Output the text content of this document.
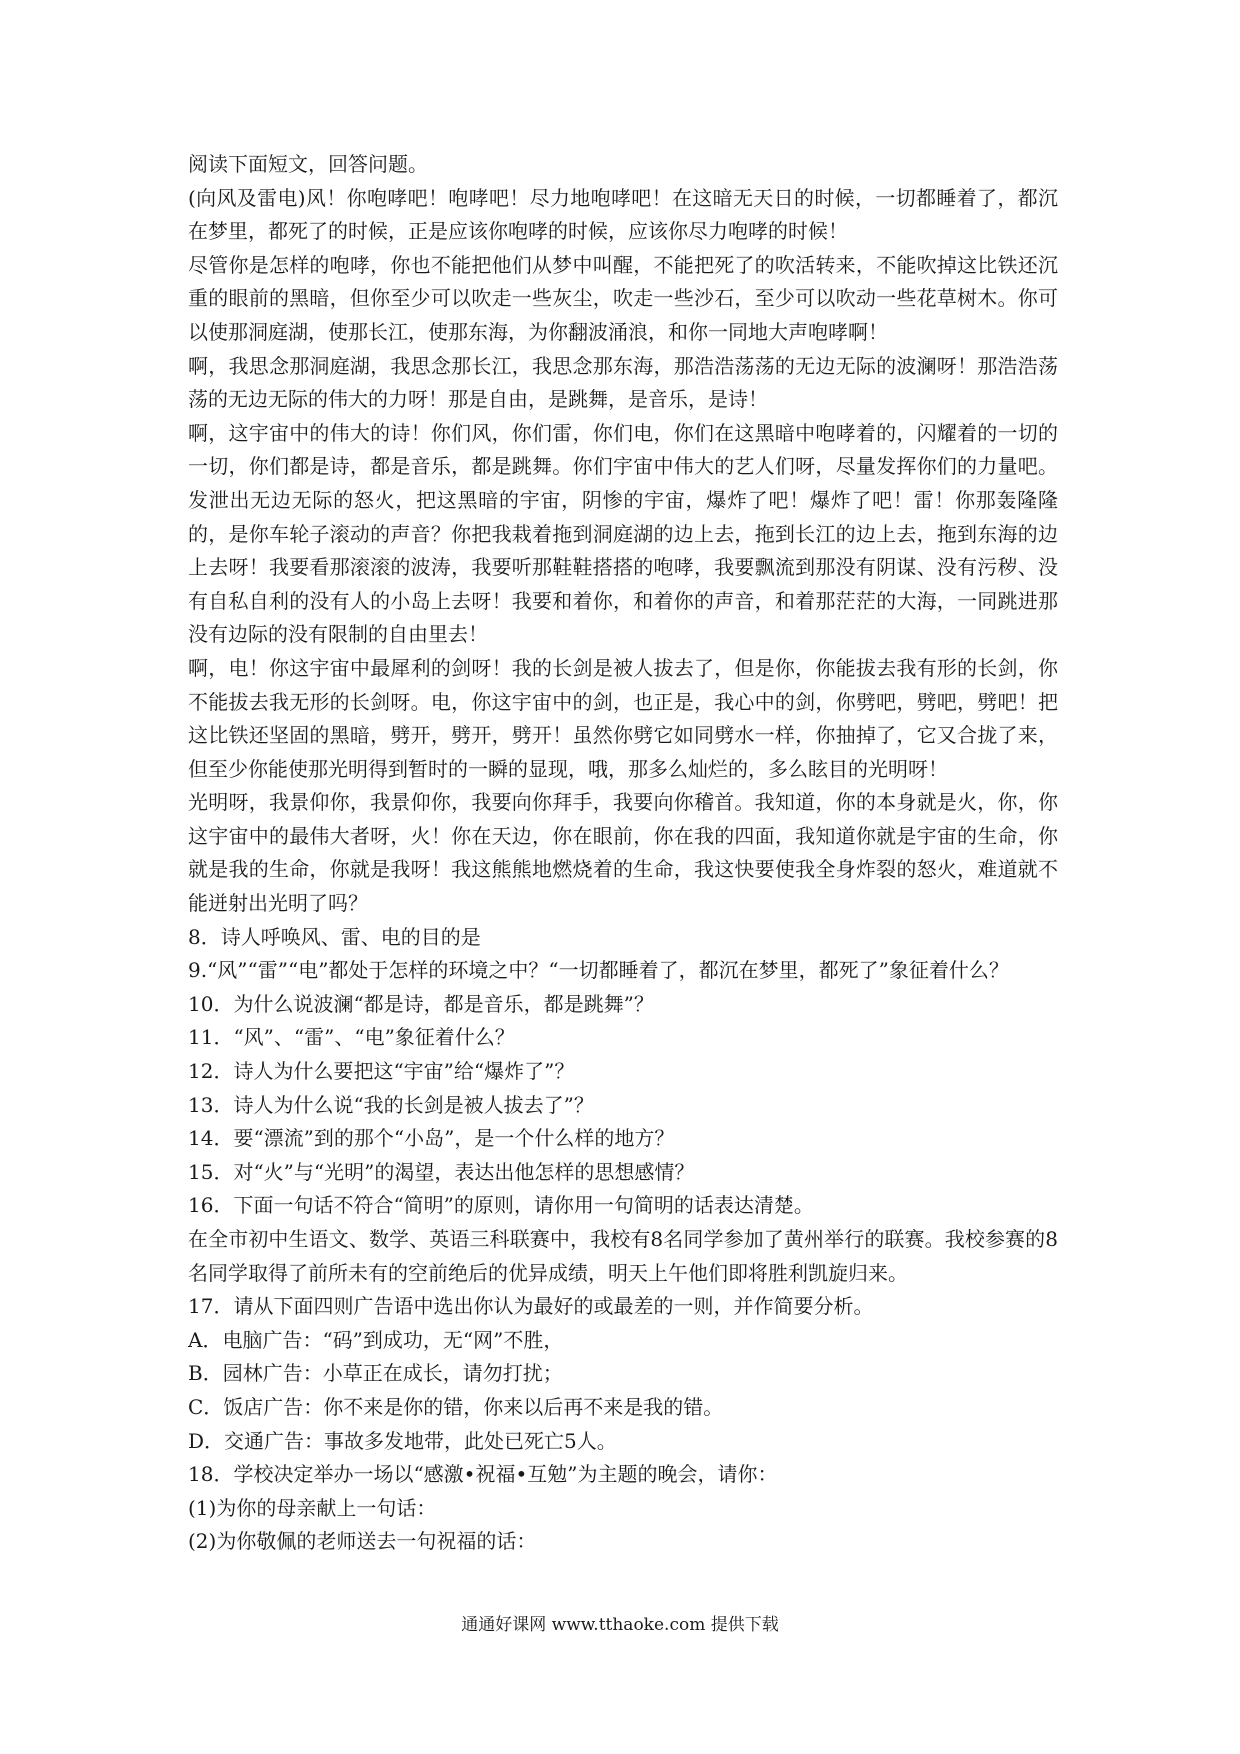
阅读下面短文，回答问题。

(向风及雷电)风！你咆哮吧！咆哮吧！尽力地咆哮吧！在这暗无天日的时候，一切都睡着了，都沉在梦里，都死了的时候，正是应该你咆哮的时候，应该你尽力咆哮的时候！

尽管你是怎样的咆哮，你也不能把他们从梦中叫醒，不能把死了的吹活转来，不能吹掉这比铁还沉重的眼前的黑暗，但你至少可以吹走一些灰尘，吹走一些沙石，至少可以吹动一些花草树木。你可以使那洞庭湖，使那长江，使那东海，为你翻波涌浪，和你一同地大声咆哮啊！

啊，我思念那洞庭湖，我思念那长江，我思念那东海，那浩浩荡荡的无边无际的波澜呀！那浩浩荡荡的无边无际的伟大的力呀！那是自由，是跳舞，是音乐，是诗！

啊，这宇宙中的伟大的诗！你们风，你们雷，你们电，你们在这黑暗中咆哮着的，闪耀着的一切的一切，你们都是诗，都是音乐，都是跳舞。你们宇宙中伟大的艺人们呀，尽量发挥你们的力量吧。发泄出无边无际的怒火，把这黑暗的宇宙，阴惨的宇宙，爆炸了吧！爆炸了吧！雷！你那轰隆隆的，是你车轮子滚动的声音？你把我栽着拖到洞庭湖的边上去，拖到长江的边上去，拖到东海的边上去呀！我要看那滚滚的波涛，我要听那鞋鞋搭搭的咆哮，我要飘流到那没有阴谋、没有污秽、没有自私自利的没有人的小岛上去呀！我要和着你，和着你的声音，和着那茫茫的大海，一同跳进那没有边际的没有限制的自由里去！

啊，电！你这宇宙中最犀利的剑呀！我的长剑是被人拔去了，但是你，你能拔去我有形的长剑，你不能拔去我无形的长剑呀。电，你这宇宙中的剑，也正是，我心中的剑，你劈吧，劈吧，劈吧！把这比铁还坚固的黑暗，劈开，劈开，劈开！虽然你劈它如同劈水一样，你抽掉了，它又合拢了来，但至少你能使那光明得到暂时的一瞬的显现，哦，那多么灿烂的，多么眩目的光明呀！

光明呀，我景仰你，我景仰你，我要向你拜手，我要向你稽首。我知道，你的本身就是火，你，你这宇宙中的最伟大者呀，火！你在天边，你在眼前，你在我的四面，我知道你就是宇宙的生命，你就是我的生命，你就是我呀！我这熊熊地燃烧着的生命，我这快要使我全身炸裂的怒火，难道就不能迸射出光明了吗？

8．诗人呼唤风、雷、电的目的是

9.“风”“雷”“电”都处于怎样的环境之中？“一切都睡着了，都沉在梦里，都死了”象征着什么？

10．为什么说波澜“都是诗，都是音乐，都是跳舞”？

11．“风”、“雷”、“电”象征着什么？

12．诗人为什么要把这“宇宙”给“爆炸了”？

13．诗人为什么说“我的长剑是被人拔去了”？

14．要“漂流”到的那个“小岛”，是一个什么样的地方？

15．对“火”与“光明”的渴望，表达出他怎样的思想感情？

16．下面一句话不符合“简明”的原则，请你用一句简明的话表达清楚。

在全市初中生语文、数学、英语三科联赛中，我校有8名同学参加了黄州举行的联赛。我校参赛的8名同学取得了前所未有的空前绝后的优异成绩，明天上午他们即将胜利凯旋归来。

17．请从下面四则广告语中选出你认为最好的或最差的一则，并作简要分析。

A．电脑广告：“码”到成功，无“网”不胜，

B．园林广告：小草正在成长，请勿打扰；

C．饭店广告：你不来是你的错，你来以后再不来是我的错。

D．交通广告：事故多发地带，此处已死亡5人。

18．学校决定举办一场以“感激•祝福•互勉”为主题的晚会，请你：

(1)为你的母亲献上一句话：

(2)为你敬佩的老师送去一句祝福的话：

通通好课网 www.tthaoke.com 提供下载
